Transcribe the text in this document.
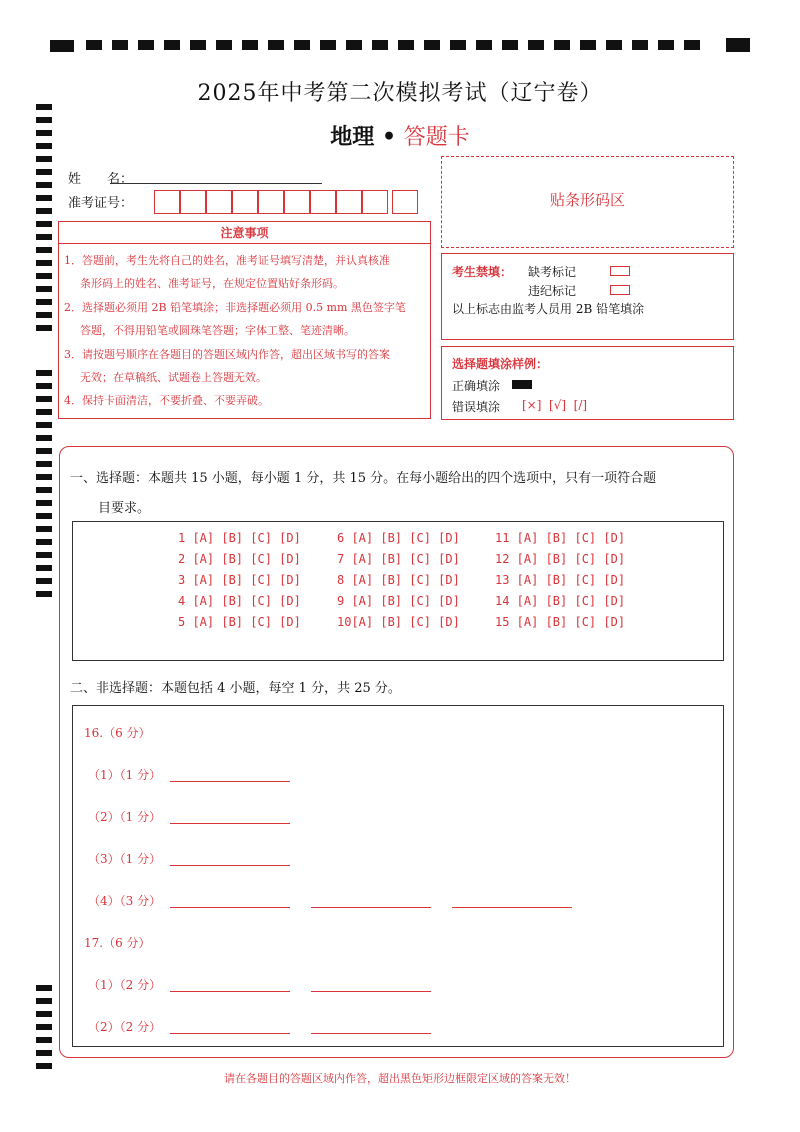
2025年中考第二次模拟考试（辽宁卷）
地理 • 答题卡
姓　　名：
准考证号：	贴条形码区
注意事项
1．答题前，考生先将自己的姓名，准考证号填写清楚，并认真核准
条形码上的姓名、准考证号，在规定位置贴好条形码。
2．选择题必须用 2B 铅笔填涂；非选择题必须用 0.5 mm 黑色签字笔
答题，不得用铅笔或圆珠笔答题；字体工整、笔迹清晰。
3．请按题号顺序在各题目的答题区域内作答，超出区域书写的答案
无效；在草稿纸、试题卷上答题无效。
4．保持卡面清洁，不要折叠、不要弄破。
考生禁填： 缺考标记
违纪标记
以上标志由监考人员用 2B 铅笔填涂
选择题填涂样例：
正确填涂
错误填涂 [×]  [√]  [/]
一、选择题：本题共 15 小题，每小题 1 分，共 15 分。在每小题给出的四个选项中，只有一项符合题
目要求。
1 [A] [B] [C] [D]	6 [A] [B] [C] [D]	11 [A] [B] [C] [D]
2 [A] [B] [C] [D]	7 [A] [B] [C] [D]	12 [A] [B] [C] [D]
3 [A] [B] [C] [D]	8 [A] [B] [C] [D]	13 [A] [B] [C] [D]
4 [A] [B] [C] [D]	9 [A] [B] [C] [D]	14 [A] [B] [C] [D]
5 [A] [B] [C] [D]	10[A] [B] [C] [D]	15 [A] [B] [C] [D]
二、非选择题：本题包括 4 小题，每空 1 分，共 25 分。
16.（6 分）
（1）（1 分）
（2）（1 分）
（3）（1 分）
（4）（3 分）
17.（6 分）
（1）（2 分）
（2）（2 分）
请在各题目的答题区域内作答，超出黑色矩形边框限定区域的答案无效！
